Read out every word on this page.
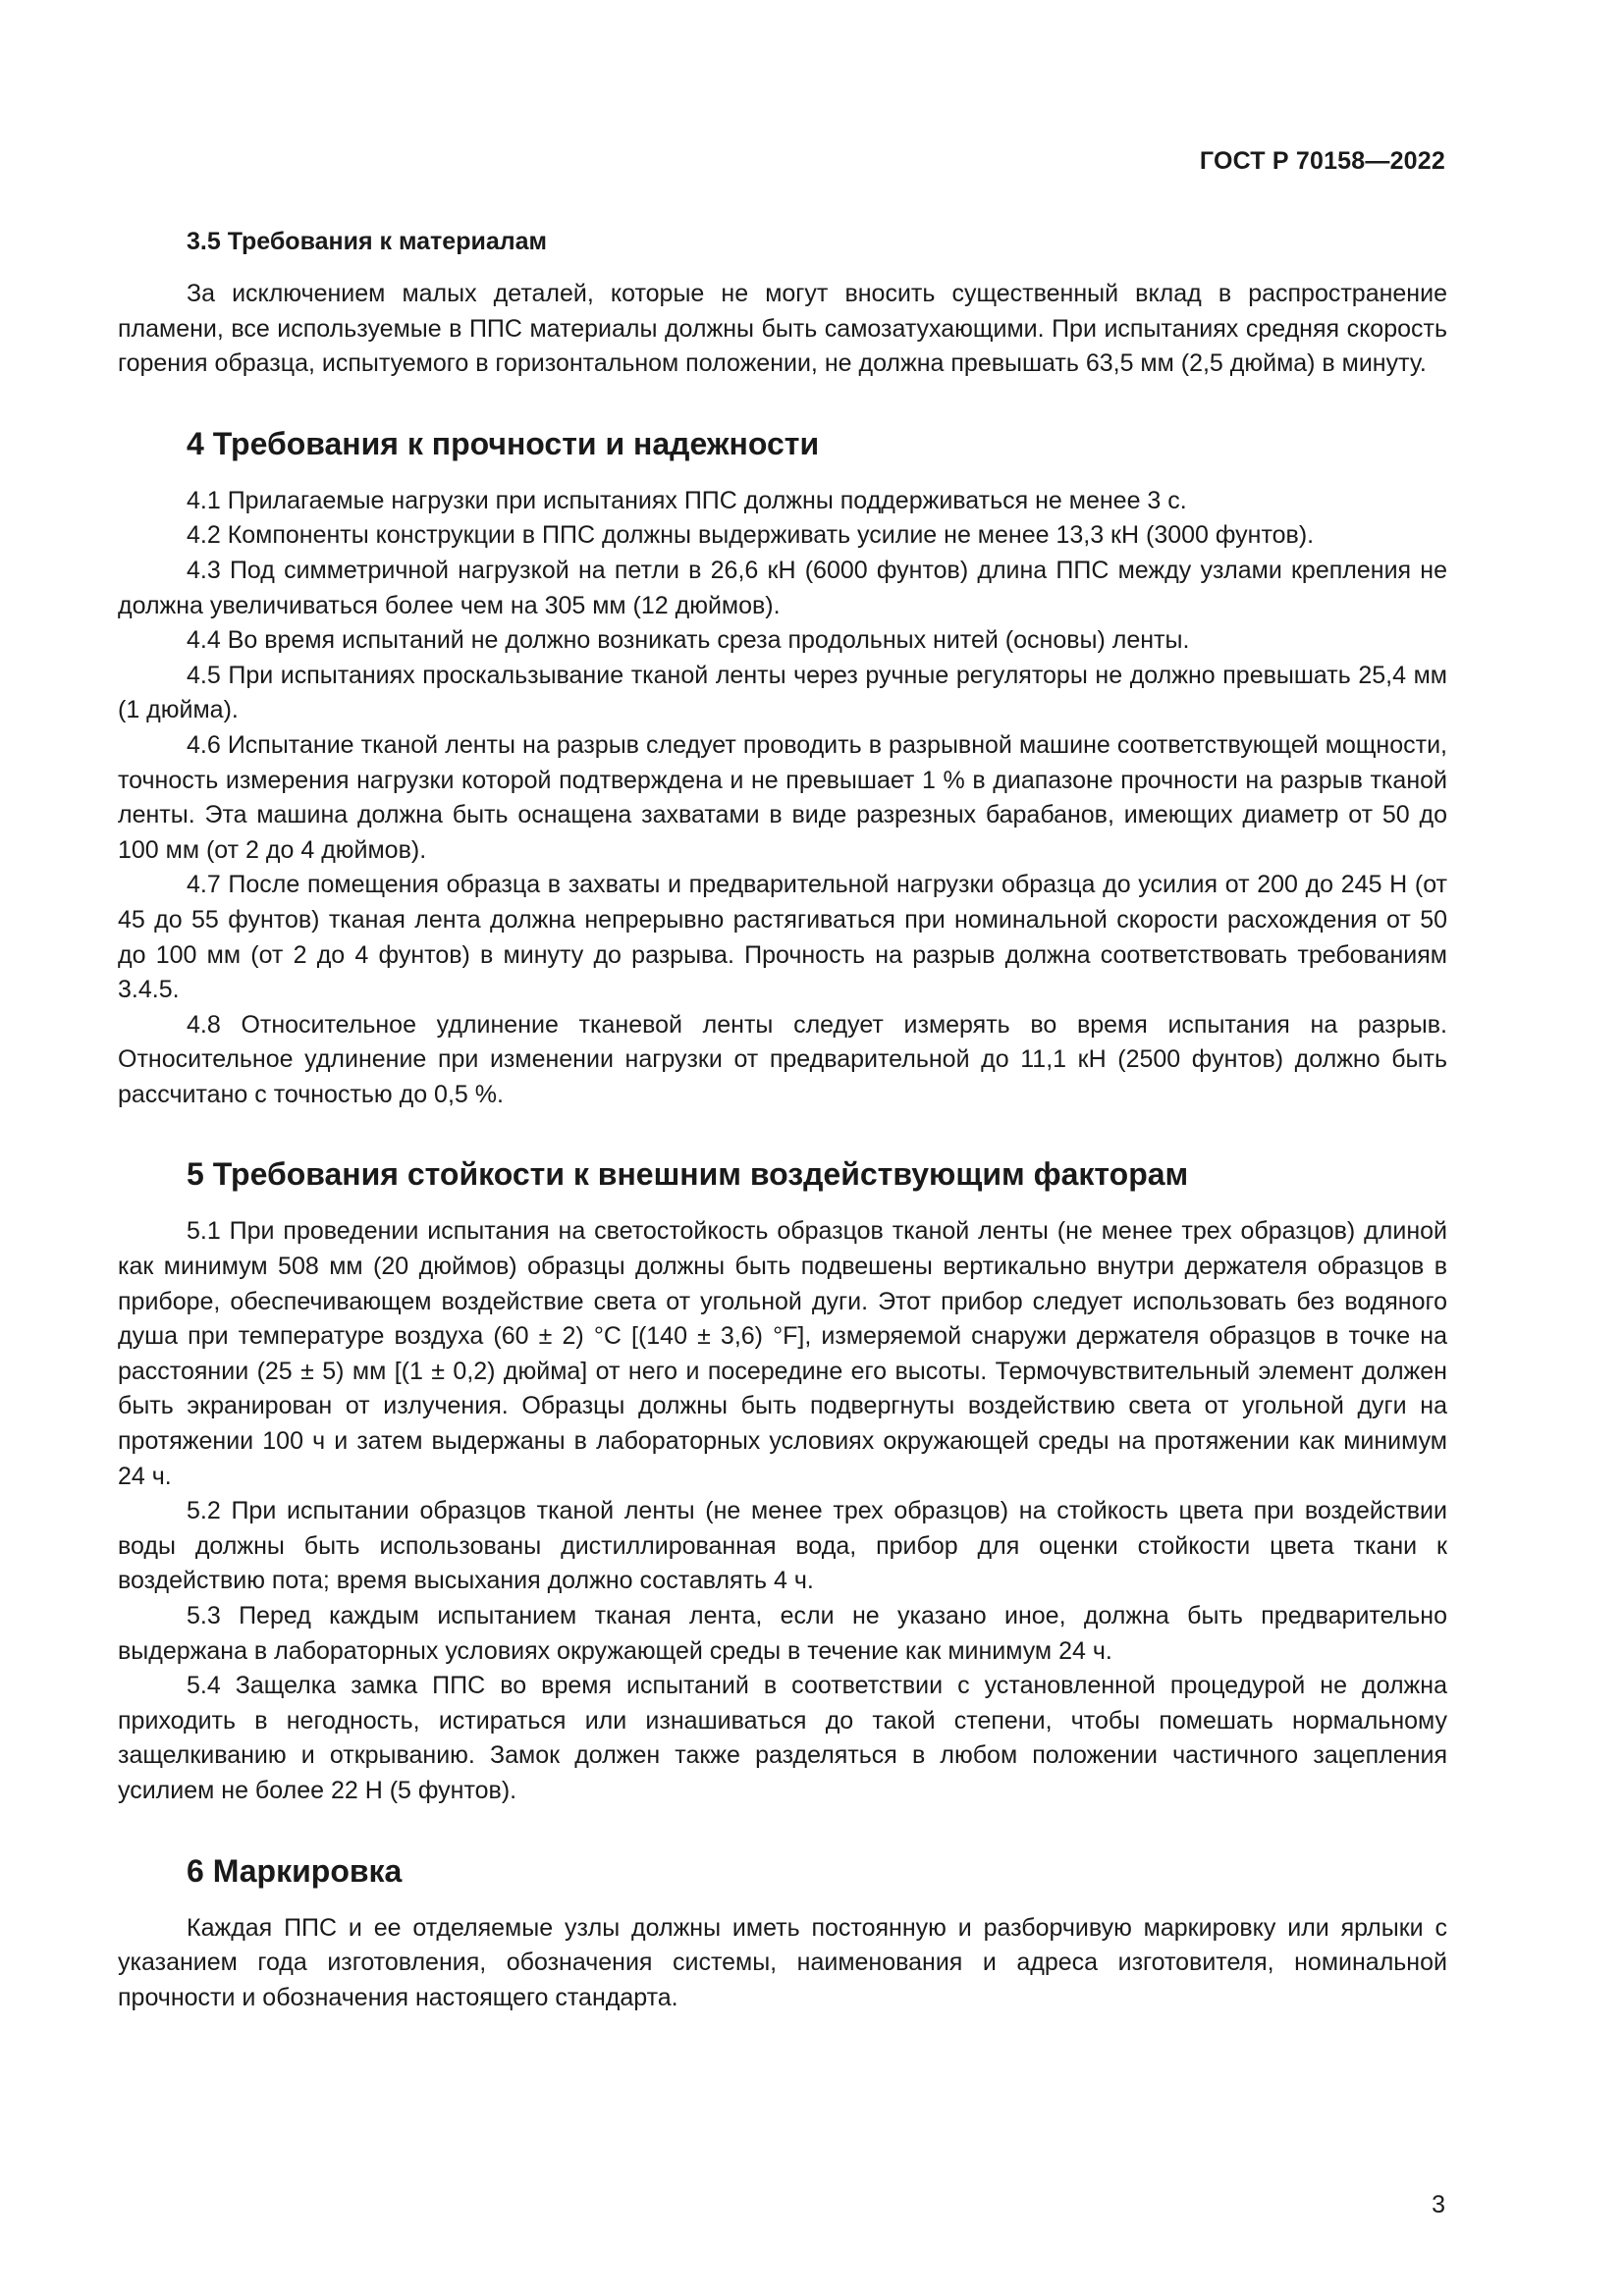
ГОСТ Р 70158—2022
3.5 Требования к материалам

За исключением малых деталей, которые не могут вносить существенный вклад в распространение пламени, все используемые в ППС материалы должны быть самозатухающими. При испытаниях средняя скорость горения образца, испытуемого в горизонтальном положении, не должна превышать 63,5 мм (2,5 дюйма) в минуту.

4 Требования к прочности и надежности

4.1 Прилагаемые нагрузки при испытаниях ППС должны поддерживаться не менее 3 с.

4.2 Компоненты конструкции в ППС должны выдерживать усилие не менее 13,3 кН (3000 фунтов).

4.3 Под симметричной нагрузкой на петли в 26,6 кН (6000 фунтов) длина ППС между узлами крепления не должна увеличиваться более чем на 305 мм (12 дюймов).

4.4 Во время испытаний не должно возникать среза продольных нитей (основы) ленты.

4.5 При испытаниях проскальзывание тканой ленты через ручные регуляторы не должно превышать 25,4 мм (1 дюйма).

4.6 Испытание тканой ленты на разрыв следует проводить в разрывной машине соответствующей мощности, точность измерения нагрузки которой подтверждена и не превышает 1 % в диапазоне прочности на разрыв тканой ленты. Эта машина должна быть оснащена захватами в виде разрезных барабанов, имеющих диаметр от 50 до 100 мм (от 2 до 4 дюймов).

4.7 После помещения образца в захваты и предварительной нагрузки образца до усилия от 200 до 245 Н (от 45 до 55 фунтов) тканая лента должна непрерывно растягиваться при номинальной скорости расхождения от 50 до 100 мм (от 2 до 4 фунтов) в минуту до разрыва. Прочность на разрыв должна соответствовать требованиям 3.4.5.

4.8 Относительное удлинение тканевой ленты следует измерять во время испытания на разрыв. Относительное удлинение при изменении нагрузки от предварительной до 11,1 кН (2500 фунтов) должно быть рассчитано с точностью до 0,5 %.

5 Требования стойкости к внешним воздействующим факторам

5.1 При проведении испытания на светостойкость образцов тканой ленты (не менее трех образцов) длиной как минимум 508 мм (20 дюймов) образцы должны быть подвешены вертикально внутри держателя образцов в приборе, обеспечивающем воздействие света от угольной дуги. Этот прибор следует использовать без водяного душа при температуре воздуха (60 ± 2) °С [(140 ± 3,6) °F], измеряемой снаружи держателя образцов в точке на расстоянии (25 ± 5) мм [(1 ± 0,2) дюйма] от него и посередине его высоты. Термочувствительный элемент должен быть экранирован от излучения. Образцы должны быть подвергнуты воздействию света от угольной дуги на протяжении 100 ч и затем выдержаны в лабораторных условиях окружающей среды на протяжении как минимум 24 ч.

5.2 При испытании образцов тканой ленты (не менее трех образцов) на стойкость цвета при воздействии воды должны быть использованы дистиллированная вода, прибор для оценки стойкости цвета ткани к воздействию пота; время высыхания должно составлять 4 ч.

5.3 Перед каждым испытанием тканая лента, если не указано иное, должна быть предварительно выдержана в лабораторных условиях окружающей среды в течение как минимум 24 ч.

5.4 Защелка замка ППС во время испытаний в соответствии с установленной процедурой не должна приходить в негодность, истираться или изнашиваться до такой степени, чтобы помешать нормальному защелкиванию и открыванию. Замок должен также разделяться в любом положении частичного зацепления усилием не более 22 Н (5 фунтов).

6 Маркировка

Каждая ППС и ее отделяемые узлы должны иметь постоянную и разборчивую маркировку или ярлыки с указанием года изготовления, обозначения системы, наименования и адреса изготовителя, номинальной прочности и обозначения настоящего стандарта.

3
